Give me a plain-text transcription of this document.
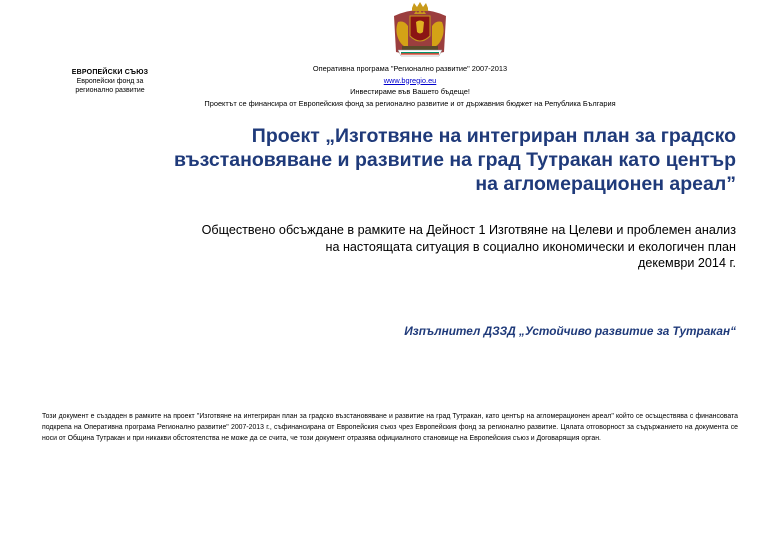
ЕВРОПЕЙСКИ СЪЮЗ
Европейски фонд за
регионално развитие
Оперативна програма "Регионално развитие" 2007-2013
www.bgregio.eu
Инвестираме във Вашето бъдеще!
Проектът се финансира от Европейския фонд за регионално развитие и от държавния бюджет на Република България
Проект „Изготвяне на интегриран план за градско
възстановяване и развитие на град Тутракан като център
на агломерационен ареал”
Обществено обсъждане в рамките на Дейност 1 Изготвяне на Целеви и проблемен анализ
на настоящата ситуация в социално икономически и екологичен план
декември 2014 г.
Изпълнител ДЗЗД „Устойчиво развитие за Тутракан“
Този документ е създаден в рамките на проект "Изготвяне на интегриран план за градско възстановяване и развитие на град Тутракан, като център на агломерационен ареал" който се осъществява с финансовата подкрепа на Оперативна програма Регионално развитие" 2007-2013 г., съфинансирана от Европейския съюз чрез Европейския фонд за регионално развитие. Цялата отговорност за съдържанието на документа се носи от Община Тутракан и при никакви обстоятелства не може да се счита, че този документ отразява официалното становище на Европейския съюз и Договарящия орган.
